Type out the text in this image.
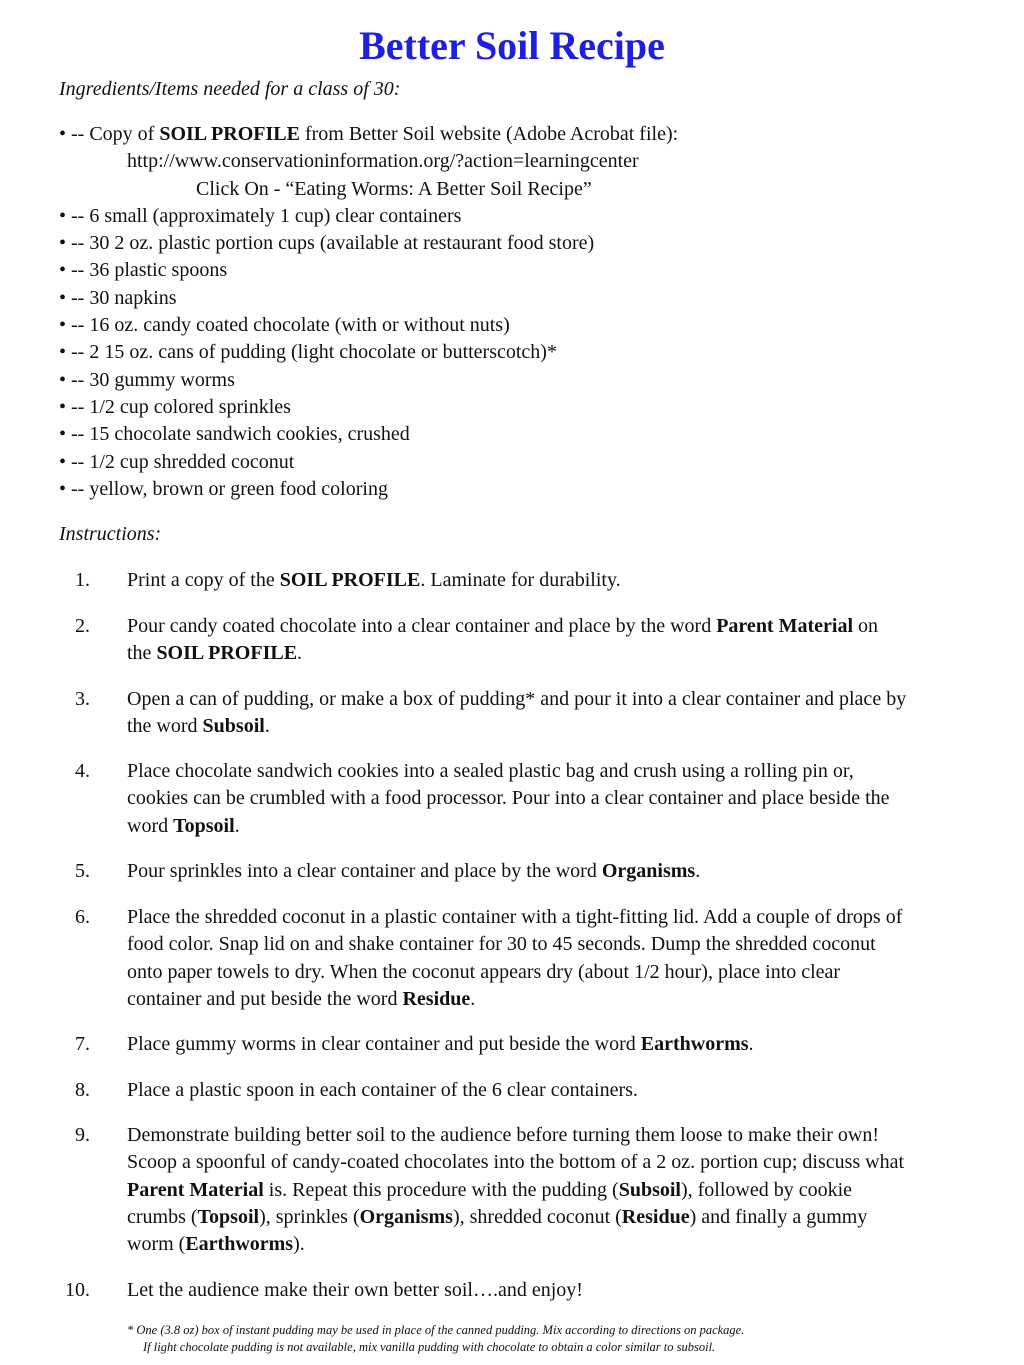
Better Soil Recipe
Ingredients/Items needed for a class of 30:
• -- Copy of SOIL PROFILE from Better Soil website (Adobe Acrobat file):
http://www.conservationinformation.org/?action=learningcenter
Click On - “Eating Worms: A Better Soil Recipe”
• -- 6 small (approximately 1 cup) clear containers
• -- 30 2 oz. plastic portion cups (available at restaurant food store)
• -- 36 plastic spoons
• -- 30 napkins
• -- 16 oz. candy coated chocolate (with or without nuts)
• -- 2 15 oz. cans of pudding (light chocolate or butterscotch)*
• -- 30 gummy worms
• -- 1/2 cup colored sprinkles
• -- 15 chocolate sandwich cookies, crushed
• -- 1/2 cup shredded coconut
• -- yellow, brown or green food coloring
Instructions:
1. Print a copy of the SOIL PROFILE. Laminate for durability.
2. Pour candy coated chocolate into a clear container and place by the word Parent Material on the SOIL PROFILE.
3. Open a can of pudding, or make a box of pudding* and pour it into a clear container and place by the word Subsoil.
4. Place chocolate sandwich cookies into a sealed plastic bag and crush using a rolling pin or, cookies can be crumbled with a food processor. Pour into a clear container and place beside the word Topsoil.
5. Pour sprinkles into a clear container and place by the word Organisms.
6. Place the shredded coconut in a plastic container with a tight-fitting lid. Add a couple of drops of food color. Snap lid on and shake container for 30 to 45 seconds. Dump the shredded coconut onto paper towels to dry. When the coconut appears dry (about 1/2 hour), place into clear container and put beside the word Residue.
7. Place gummy worms in clear container and put beside the word Earthworms.
8. Place a plastic spoon in each container of the 6 clear containers.
9. Demonstrate building better soil to the audience before turning them loose to make their own! Scoop a spoonful of candy-coated chocolates into the bottom of a 2 oz. portion cup; discuss what Parent Material is. Repeat this procedure with the pudding (Subsoil), followed by cookie crumbs (Topsoil), sprinkles (Organisms), shredded coconut (Residue) and finally a gummy worm (Earthworms).
10. Let the audience make their own better soil….and enjoy!
* One (3.8 oz) box of instant pudding may be used in place of the canned pudding. Mix according to directions on package.
If light chocolate pudding is not available, mix vanilla pudding with chocolate to obtain a color similar to subsoil.
